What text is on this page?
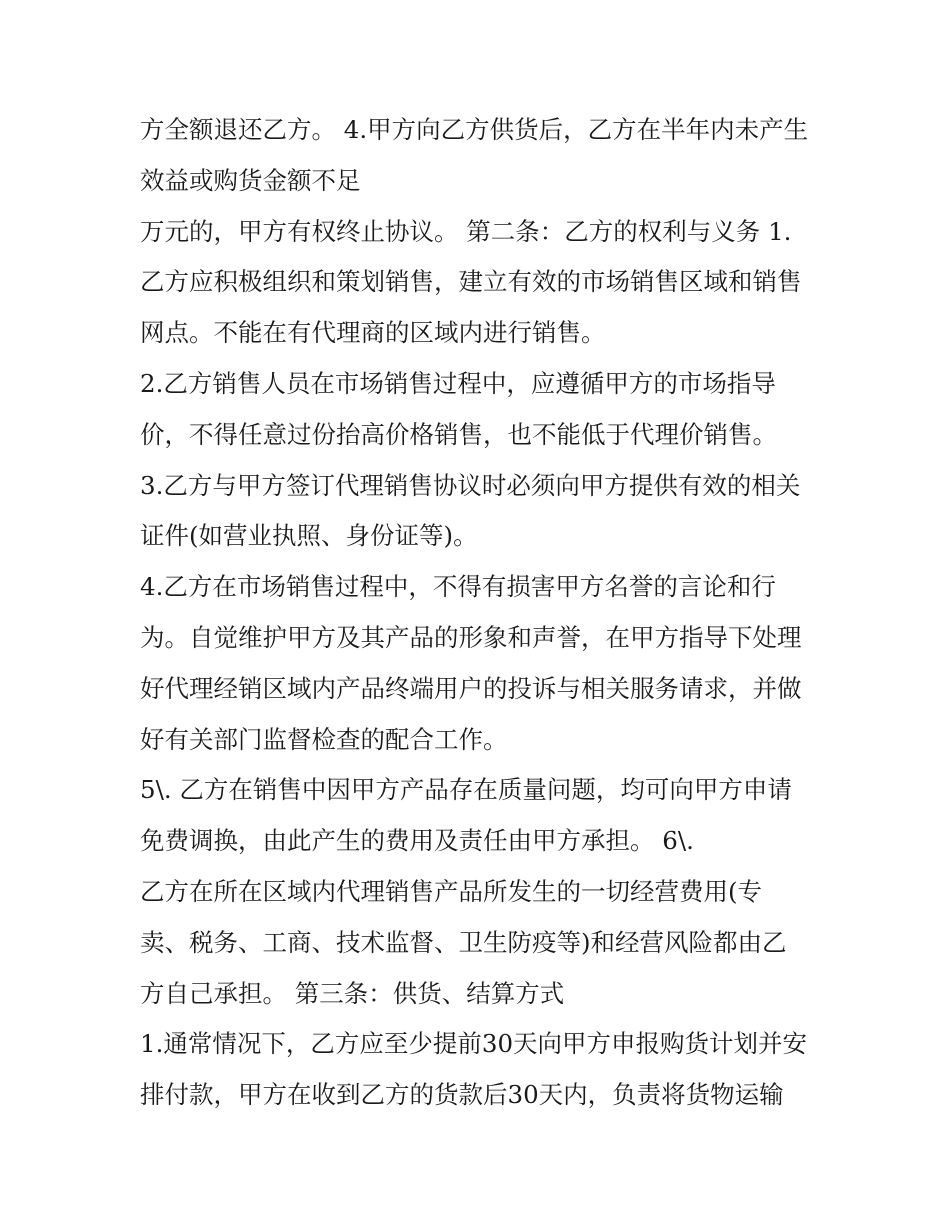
方全额退还乙方。 4.甲方向乙方供货后，乙方在半年内未产生
效益或购货金额不足
万元的，甲方有权终止协议。 第二条：乙方的权利与义务 1.
乙方应积极组织和策划销售，建立有效的市场销售区域和销售
网点。不能在有代理商的区域内进行销售。
2.乙方销售人员在市场销售过程中，应遵循甲方的市场指导
价，不得任意过份抬高价格销售，也不能低于代理价销售。
3.乙方与甲方签订代理销售协议时必须向甲方提供有效的相关
证件(如营业执照、身份证等)。
4.乙方在市场销售过程中，不得有损害甲方名誉的言论和行
为。自觉维护甲方及其产品的形象和声誉，在甲方指导下处理
好代理经销区域内产品终端用户的投诉与相关服务请求，并做
好有关部门监督检查的配合工作。
5\. 乙方在销售中因甲方产品存在质量问题，均可向甲方申请
免费调换，由此产生的费用及责任由甲方承担。 6\.
乙方在所在区域内代理销售产品所发生的一切经营费用(专
卖、税务、工商、技术监督、卫生防疫等)和经营风险都由乙
方自己承担。 第三条：供货、结算方式
1.通常情况下，乙方应至少提前30天向甲方申报购货计划并安
排付款，甲方在收到乙方的货款后30天内，负责将货物运输
